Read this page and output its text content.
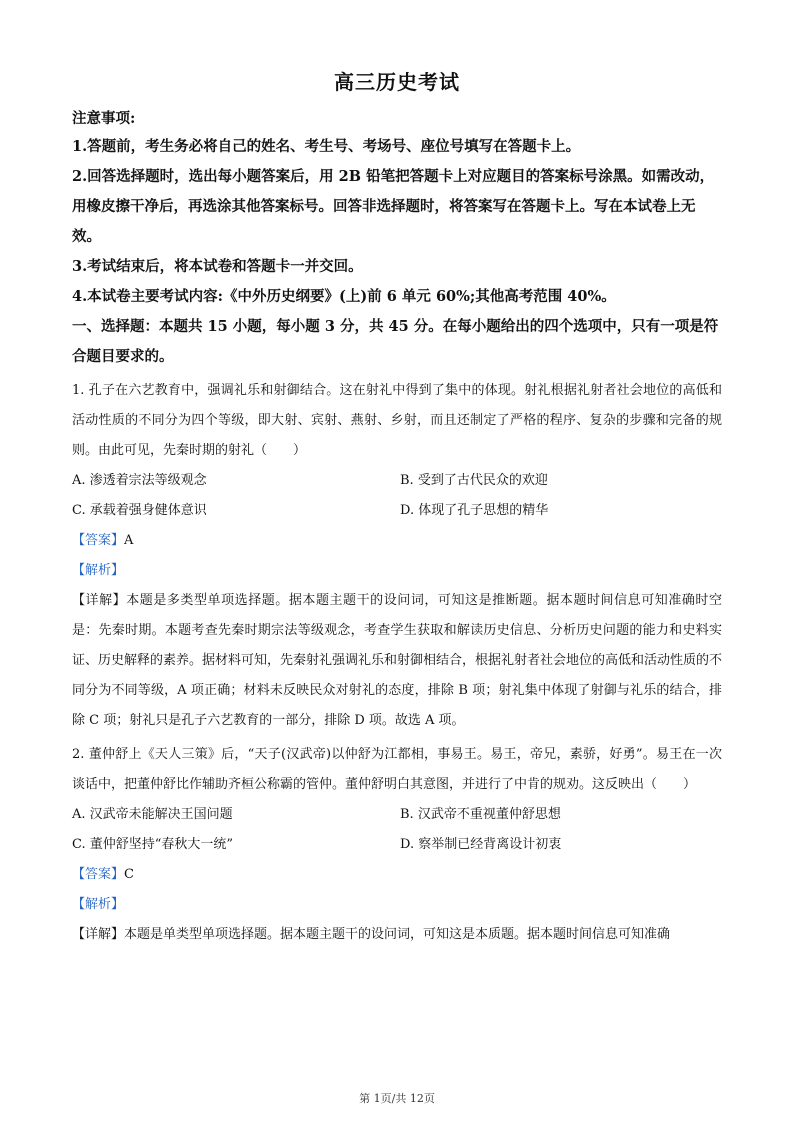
高三历史考试
注意事项:

1.答题前，考生务必将自己的姓名、考生号、考场号、座位号填写在答题卡上。

2.回答选择题时，选出每小题答案后，用 2B 铅笔把答题卡上对应题目的答案标号涂黑。如需改动，用橡皮擦干净后，再选涂其他答案标号。回答非选择题时，将答案写在答题卡上。写在本试卷上无效。

3.考试结束后，将本试卷和答题卡一并交回。

4.本试卷主要考试内容:《中外历史纲要》(上)前 6 单元 60%;其他高考范围 40%。

一、选择题：本题共 15 小题，每小题 3 分，共 45 分。在每小题给出的四个选项中，只有一项是符合题目要求的。

1. 孔子在六艺教育中，强调礼乐和射御结合。这在射礼中得到了集中的体现。射礼根据礼射者社会地位的高低和活动性质的不同分为四个等级，即大射、宾射、燕射、乡射，而且还制定了严格的程序、复杂的步骤和完备的规则。由此可见，先秦时期的射礼（　　）

A. 渗透着宗法等级观念	B. 受到了古代民众的欢迎
C. 承载着强身健体意识	D. 体现了孔子思想的精华
【答案】A
【解析】

【详解】本题是多类型单项选择题。据本题主题干的设问词，可知这是推断题。据本题时间信息可知准确时空是：先秦时期。本题考查先秦时期宗法等级观念，考查学生获取和解读历史信息、分析历史问题的能力和史料实证、历史解释的素养。据材料可知，先秦射礼强调礼乐和射御相结合，根据礼射者社会地位的高低和活动性质的不同分为不同等级，A 项正确；材料未反映民众对射礼的态度，排除 B 项；射礼集中体现了射御与礼乐的结合，排除 C 项；射礼只是孔子六艺教育的一部分，排除 D 项。故选 A 项。

2. 董仲舒上《天人三策》后，“天子(汉武帝)以仲舒为江都相，事易王。易王，帝兄，素骄，好勇”。易王在一次谈话中，把董仲舒比作辅助齐桓公称霸的管仲。董仲舒明白其意图，并进行了中肯的规劝。这反映出（　　）

A. 汉武帝未能解决王国问题	B. 汉武帝不重视董仲舒思想
C. 董仲舒坚持“春秋大一统”	D. 察举制已经背离设计初衷
【答案】C
【解析】

【详解】本题是单类型单项选择题。据本题主题干的设问词，可知这是本质题。据本题时间信息可知准确

第 1页/共 12页
